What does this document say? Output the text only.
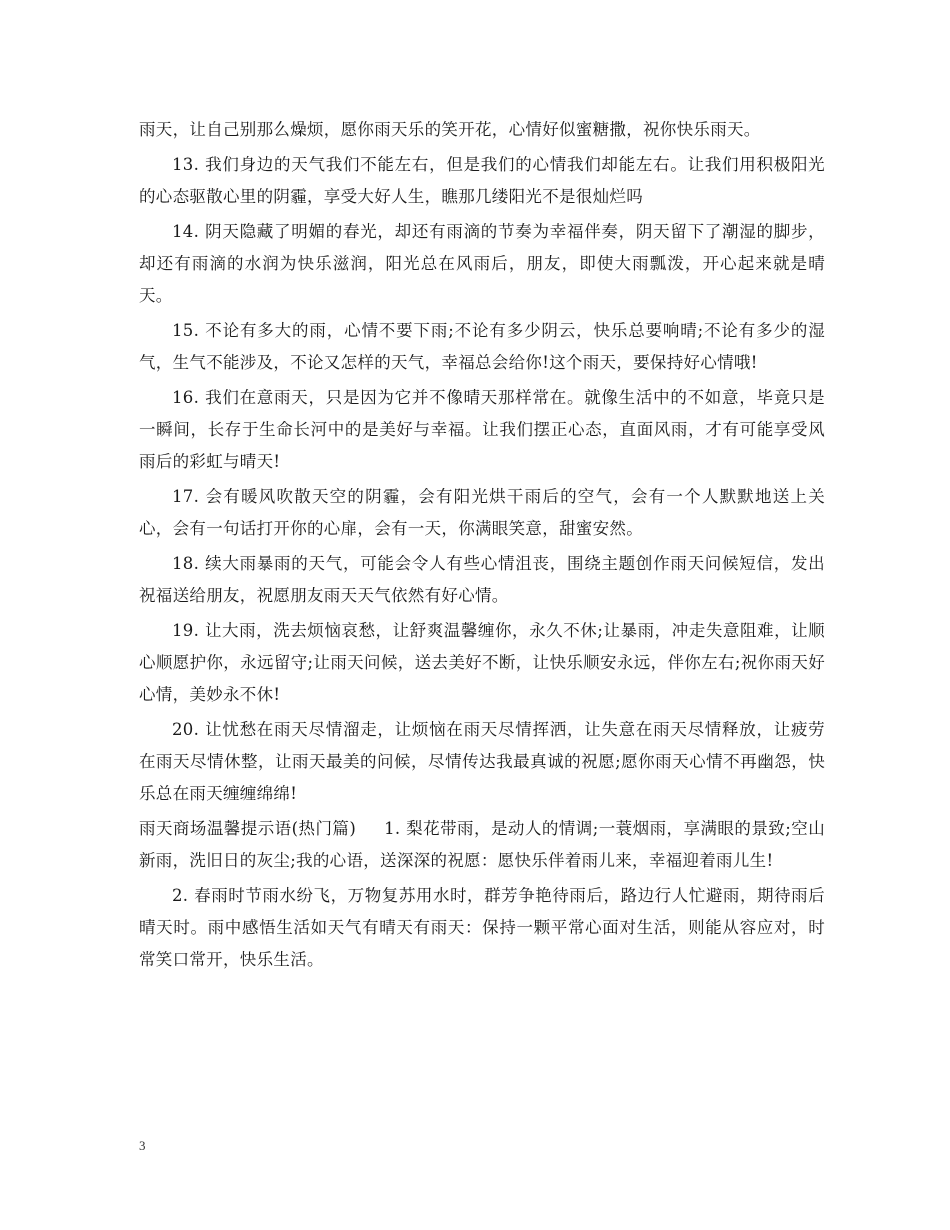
雨天，让自己别那么燥烦，愿你雨天乐的笑开花，心情好似蜜糖撒，祝你快乐雨天。

13. 我们身边的天气我们不能左右，但是我们的心情我们却能左右。让我们用积极阳光的心态驱散心里的阴霾，享受大好人生，瞧那几缕阳光不是很灿烂吗

14. 阴天隐藏了明媚的春光，却还有雨滴的节奏为幸福伴奏，阴天留下了潮湿的脚步，却还有雨滴的水润为快乐滋润，阳光总在风雨后，朋友，即使大雨瓢泼，开心起来就是晴天。

15. 不论有多大的雨，心情不要下雨;不论有多少阴云，快乐总要响晴;不论有多少的湿气，生气不能涉及，不论又怎样的天气，幸福总会给你!这个雨天，要保持好心情哦!

16. 我们在意雨天，只是因为它并不像晴天那样常在。就像生活中的不如意，毕竟只是一瞬间，长存于生命长河中的是美好与幸福。让我们摆正心态，直面风雨，才有可能享受风雨后的彩虹与晴天!

17. 会有暖风吹散天空的阴霾，会有阳光烘干雨后的空气，会有一个人默默地送上关心，会有一句话打开你的心扉，会有一天，你满眼笑意，甜蜜安然。

18. 续大雨暴雨的天气，可能会令人有些心情沮丧，围绕主题创作雨天问候短信，发出祝福送给朋友，祝愿朋友雨天天气依然有好心情。

19. 让大雨，洗去烦恼哀愁，让舒爽温馨缠你，永久不休;让暴雨，冲走失意阻难，让顺心顺愿护你，永远留守;让雨天问候，送去美好不断，让快乐顺安永远，伴你左右;祝你雨天好心情，美妙永不休!

20. 让忧愁在雨天尽情溜走，让烦恼在雨天尽情挥洒，让失意在雨天尽情释放，让疲劳在雨天尽情休整，让雨天最美的问候，尽情传达我最真诚的祝愿;愿你雨天心情不再幽怨，快乐总在雨天缠缠绵绵!

雨天商场温馨提示语(热门篇) 1. 梨花带雨，是动人的情调;一蓑烟雨，享满眼的景致;空山新雨，洗旧日的灰尘;我的心语，送深深的祝愿：愿快乐伴着雨儿来，幸福迎着雨儿生!

2. 春雨时节雨水纷飞，万物复苏用水时，群芳争艳待雨后，路边行人忙避雨，期待雨后晴天时。雨中感悟生活如天气有晴天有雨天：保持一颗平常心面对生活，则能从容应对，时常笑口常开，快乐生活。

3
